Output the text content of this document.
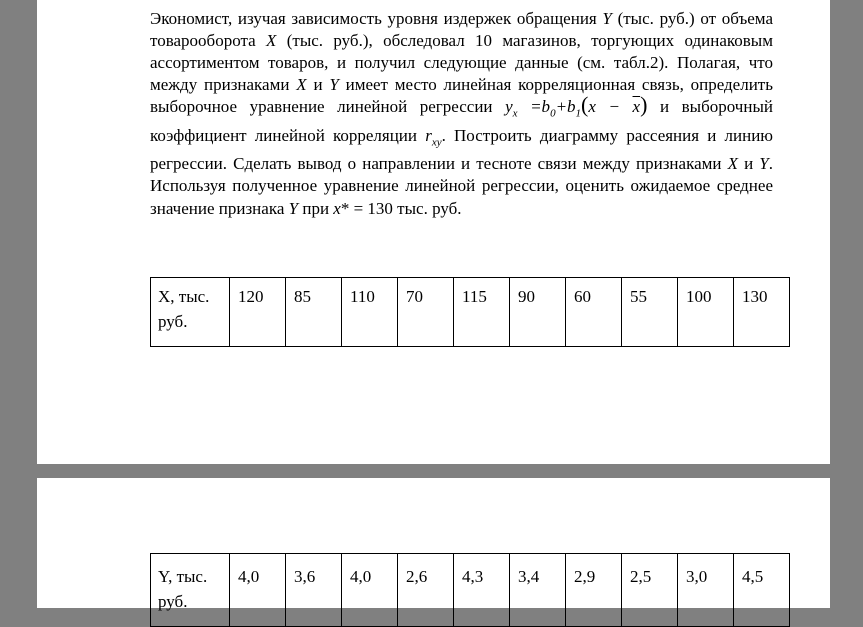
Экономист, изучая зависимость уровня издержек обращения Y (тыс. руб.) от объема товарооборота X (тыс. руб.), обследовал 10 магазинов, торгующих одинаковым ассортиментом товаров, и получил следующие данные (см. табл.2). Полагая, что между признаками X и Y имеет место линейная корреляционная связь, определить выборочное уравнение линейной регрессии $y_x =b_0+b_1(x - \overline{x})$ и выборочный коэффициент линейной корреляции $r_{xy}$. Построить диаграмму рассеяния и линию регрессии. Сделать вывод о направлении и тесноте связи между признаками X и Y. Используя полученное уравнение линейной регрессии, оценить ожидаемое среднее значение признака Y при x* = 130 тыс. руб.

X, тыс. руб.	120	85	110	70	115	90	60	55	100	130
Y, тыс. руб.	4,0	3,6	4,0	2,6	4,3	3,4	2,9	2,5	3,0	4,5
